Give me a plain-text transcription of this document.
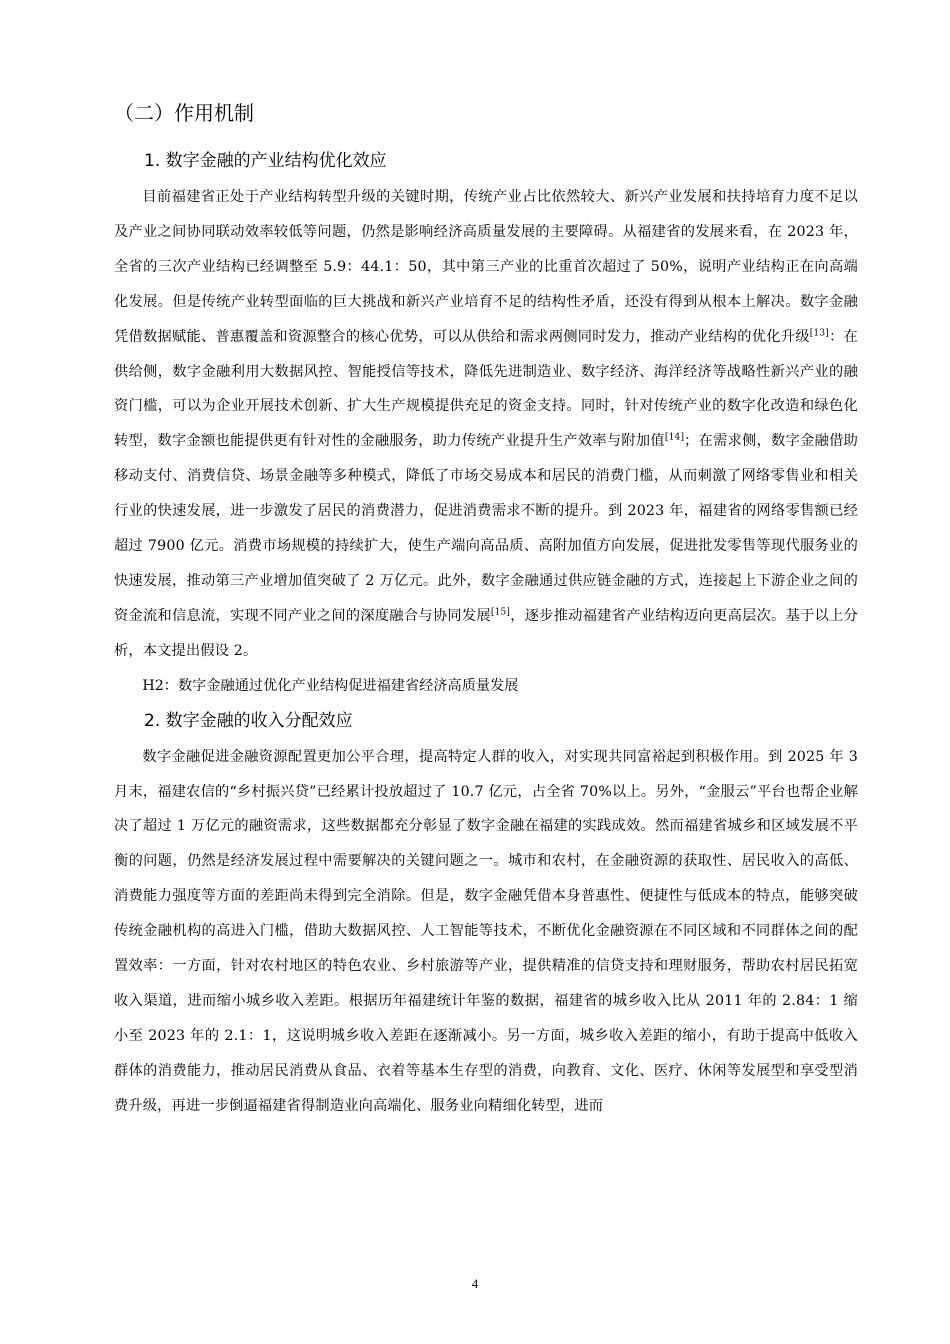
（二）作用机制
1. 数字金融的产业结构优化效应

目前福建省正处于产业结构转型升级的关键时期，传统产业占比依然较大、新兴产业发展和扶持培育力度不足以及产业之间协同联动效率较低等问题，仍然是影响经济高质量发展的主要障碍。从福建省的发展来看，在 2023 年，全省的三次产业结构已经调整至 5.9：44.1：50，其中第三产业的比重首次超过了 50%，说明产业结构正在向高端化发展。但是传统产业转型面临的巨大挑战和新兴产业培育不足的结构性矛盾，还没有得到从根本上解决。数字金融凭借数据赋能、普惠覆盖和资源整合的核心优势，可以从供给和需求两侧同时发力，推动产业结构的优化升级[13]：在供给侧，数字金融利用大数据风控、智能授信等技术，降低先进制造业、数字经济、海洋经济等战略性新兴产业的融资门槛，可以为企业开展技术创新、扩大生产规模提供充足的资金支持。同时，针对传统产业的数字化改造和绿色化转型，数字金额也能提供更有针对性的金融服务，助力传统产业提升生产效率与附加值[14]；在需求侧，数字金融借助移动支付、消费信贷、场景金融等多种模式，降低了市场交易成本和居民的消费门槛，从而刺激了网络零售业和相关行业的快速发展，进一步激发了居民的消费潜力，促进消费需求不断的提升。到 2023 年，福建省的网络零售额已经超过 7900 亿元。消费市场规模的持续扩大，使生产端向高品质、高附加值方向发展，促进批发零售等现代服务业的快速发展，推动第三产业增加值突破了 2 万亿元。此外，数字金融通过供应链金融的方式，连接起上下游企业之间的资金流和信息流，实现不同产业之间的深度融合与协同发展[15]，逐步推动福建省产业结构迈向更高层次。基于以上分析，本文提出假设 2。

H2：数字金融通过优化产业结构促进福建省经济高质量发展

2. 数字金融的收入分配效应

数字金融促进金融资源配置更加公平合理，提高特定人群的收入，对实现共同富裕起到积极作用。到 2025 年 3 月末，福建农信的“乡村振兴贷”已经累计投放超过了 10.7 亿元，占全省 70%以上。另外，“金服云”平台也帮企业解决了超过 1 万亿元的融资需求，这些数据都充分彰显了数字金融在福建的实践成效。然而福建省城乡和区域发展不平衡的问题，仍然是经济发展过程中需要解决的关键问题之一。城市和农村，在金融资源的获取性、居民收入的高低、消费能力强度等方面的差距尚未得到完全消除。但是，数字金融凭借本身普惠性、便捷性与低成本的特点，能够突破传统金融机构的高进入门槛，借助大数据风控、人工智能等技术，不断优化金融资源在不同区域和不同群体之间的配置效率：一方面，针对农村地区的特色农业、乡村旅游等产业，提供精准的信贷支持和理财服务，帮助农村居民拓宽收入渠道，进而缩小城乡收入差距。根据历年福建统计年鉴的数据，福建省的城乡收入比从 2011 年的 2.84：1 缩小至 2023 年的 2.1：1，这说明城乡收入差距在逐渐减小。另一方面，城乡收入差距的缩小，有助于提高中低收入群体的消费能力，推动居民消费从食品、衣着等基本生存型的消费，向教育、文化、医疗、休闲等发展型和享受型消费升级，再进一步倒逼福建省得制造业向高端化、服务业向精细化转型，进而

4
